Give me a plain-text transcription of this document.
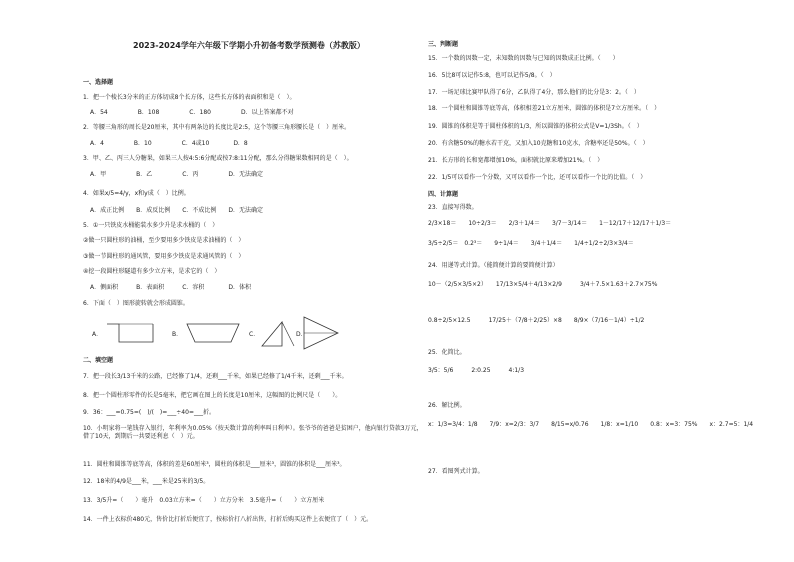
2023-2024学年六年级下学期小升初备考数学预测卷（苏教版）
一、选择题
1．把一个棱长3分米的正方体切成8个长方体，这些长方体的表面积和是（　）。
A．54　　　　　B．108　　　　　C．180　　　　　D．以上答案都不对
2．等腰三角形的周长是20厘米，其中有两条边的长度比是2:5，这个等腰三角形腰长是（　）厘米。
A．4　　　　　B．10　　　　　C．4或10　　　　D．8
3．甲、乙、丙三人分糖果，如果三人按4:5:6分配或按7:8:11分配，那么分得糖果数相同的是（　）。
A．甲　　　　　B．乙　　　　　C．丙　　　　　D．无法确定
4．如果x/5=4/y，x和y成（　）比例。
A．成正比例　　B．成反比例　　C．不成比例　　D．无法确定
5．①一只铁皮水桶能装水多少升是求水桶的（　）
②做一只圆柱形的油桶，至少要用多少铁皮是求油桶的（　）
③做一节圆柱形的通风管，要用多少铁皮是求通风管的（　）
④挖一段圆柱形隧道有多少立方米，是求它的（　）
A．侧面积　　　B．表面积　　　C．容积　　　　D．体积
6．下面（　）图形旋转就会形成圆锥。
A．	B．	C．	D．
二、填空题
7．把一段长3/13千米的公路，已经修了1/4，还剩___千米，如果已经修了1/4千米，还剩___千米。
8．把一个圆柱形零件的长是5毫米，把它画在图上的长度是10厘米，这幅图的比例尺是（　　）。
9．36：___=0.75=(　)/(　)=___÷40=___折。
10．小明家将一笔钱存入银行，年利率为0.05%（按天数计算的利率叫日利率）。张爷爷的爸爸是贫困户，他向银行贷款3万元，借了10天，到期后一共要还利息（　）元。
11．圆柱和圆锥等底等高，体积的差是60厘米³，圆柱的体积是___厘米³，圆锥的体积是___厘米³。
12．18米的4/9是___米，___米是25米的3/5。
13．3/5升=（　　）毫升　0.03立方米=（　　）立方分米　3.5毫升=（　　）立方厘米
14．一件上衣标价480元，售价比打折后便宜了，按标价打八折出售，打折后购买这件上衣便宜了（　）元。
三、判断题
15．一个数的因数一定，未知数的因数与已知的因数成正比例。（　　）
16．5比8可以记作5:8，也可以记作5/8。（　）
17．一场足球比赛甲队得了6分，乙队得了4分，那么他们的比分是3：2。（　）
18．一个圆柱和圆锥等底等高，体积相差21立方厘米，圆锥的体积是7立方厘米。（　）
19．圆锥的体积是等于圆柱体积的1/3，所以圆锥的体积公式是V=1/3Sh。（　）
20．有含糖50%的糖水若干克，又加入10克糖和10克水，含糖率还是50%。（　）
21．长方形的长和宽都增加10%，面积就比原来增加21%。（　）
22．1/5可以看作一个分数，又可以看作一个比，还可以看作一个比的比值。（　）
四、计算题
23．直接写得数。
2/3×18＝　　10÷2/3＝　　2/3＋1/4＝　　3/7－3/14＝　　1－12/17＋12/17＋1/3＝
3/5÷2/5＝　0.2³＝　　9÷1/4＝　　3/4＋1/4＝　　1/4÷1/2÷2/3×3/4＝
24．用递等式计算。（能简便计算的要简便计算）
10－（2/5×3/5×2）　　17/13×5/4＋4/13×2/9　　　3/4＋7.5×1.63＋2.7×75%
0.8÷2/5×12.5　　　17/25＋（7/8＋2/25）×8　　8/9×（7/16－1/4）÷1/2
25．化简比。
3/5：5/6　　　2:0.25　　　4:1/3
26．解比例。
x：1/3=3/4：1/8　　7/9：x=2/3：3/7　　8/15=x/0.76　　1/8：x=1/10　　0.8：x=3：75%　　x：2.7=5：1/4
27．看图列式计算。
